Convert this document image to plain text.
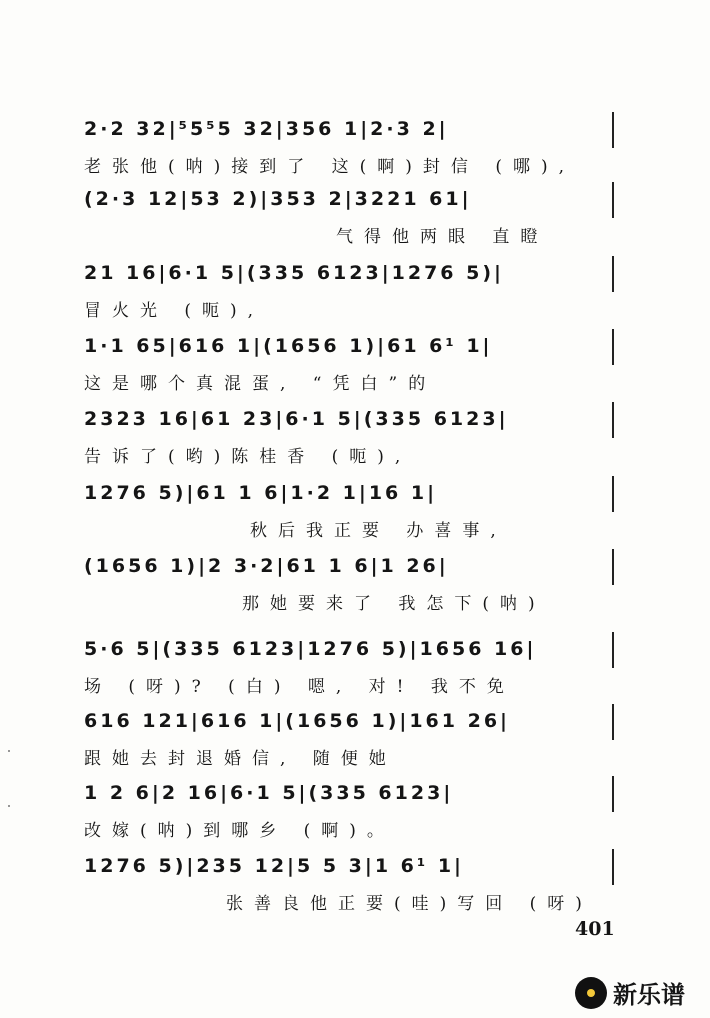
2·2 32|⁵5⁵5 32|356 1|2·3 2|
老张他(呐)接到了 这(啊)封信 (哪),
(2·3 12|53 2)|353 2|3221 61|
气得他两眼 直瞪
21 16|6·1 5|(335 6123|1276 5)|
冒火光 (呃),
1·1 65|616 1|(1656 1)|61 6¹ 1|
这是哪个真混蛋, “凭白”的
2323 16|61 23|6·1 5|(335 6123|
告诉了(哟)陈桂香 (呃),
1276 5)|61 1 6|1·2 1|16 1|
秋后我正要 办喜事,
(1656 1)|2 3·2|61 1 6|1 26|
那她要来了 我怎下(呐)
5·6 5|(335 6123|1276 5)|1656 16|
场 (呀)? (白) 嗯, 对! 我不免
616 121|616 1|(1656 1)|161 26|
跟她去封退婚信, 随便她
1 2 6|2 16|6·1 5|(335 6123|
改嫁(呐)到哪乡 (啊)。
1276 5)|235 12|5 5 3|1 6¹ 1|
张善良他正要(哇)写回 (呀)
401
新乐谱
